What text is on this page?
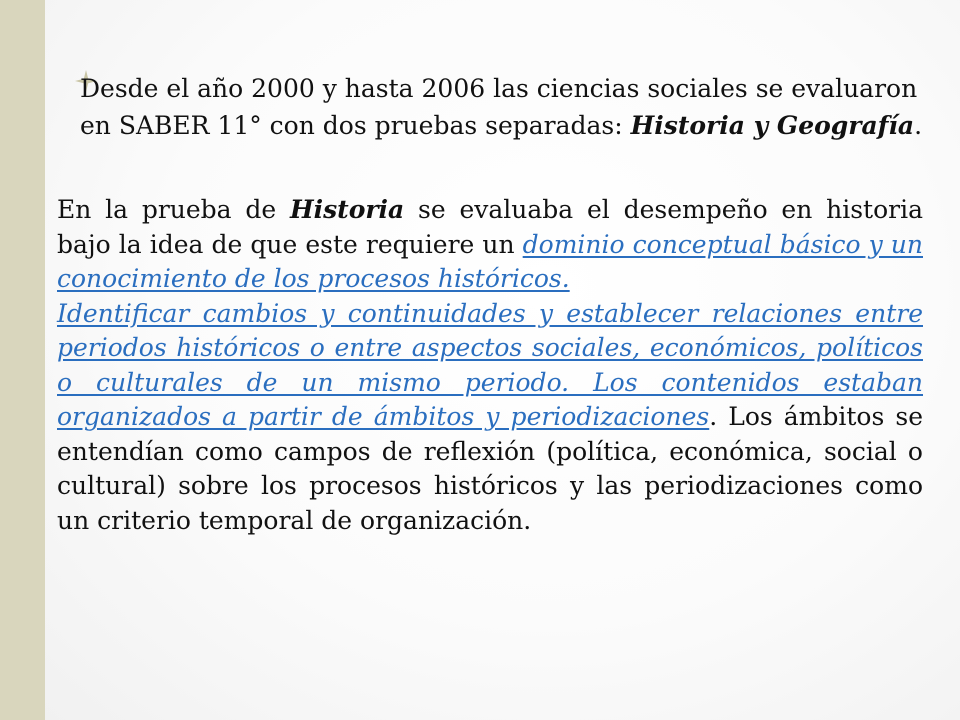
Desde el año 2000 y hasta 2006 las ciencias sociales se evaluaron
en SABER 11° con dos pruebas separadas: Historia y Geografía.

En la prueba de Historia se evaluaba el desempeño en historia bajo la idea de que este requiere un dominio conceptual básico y un conocimiento de los procesos históricos.

Identificar cambios y continuidades y establecer relaciones entre periodos históricos o entre aspectos sociales, económicos, políticos o culturales de un mismo periodo. Los contenidos estaban organizados a partir de ámbitos y periodizaciones. Los ámbitos se entendían como campos de reflexión (política, económica, social o cultural) sobre los procesos históricos y las periodizaciones como un criterio temporal de organización.
